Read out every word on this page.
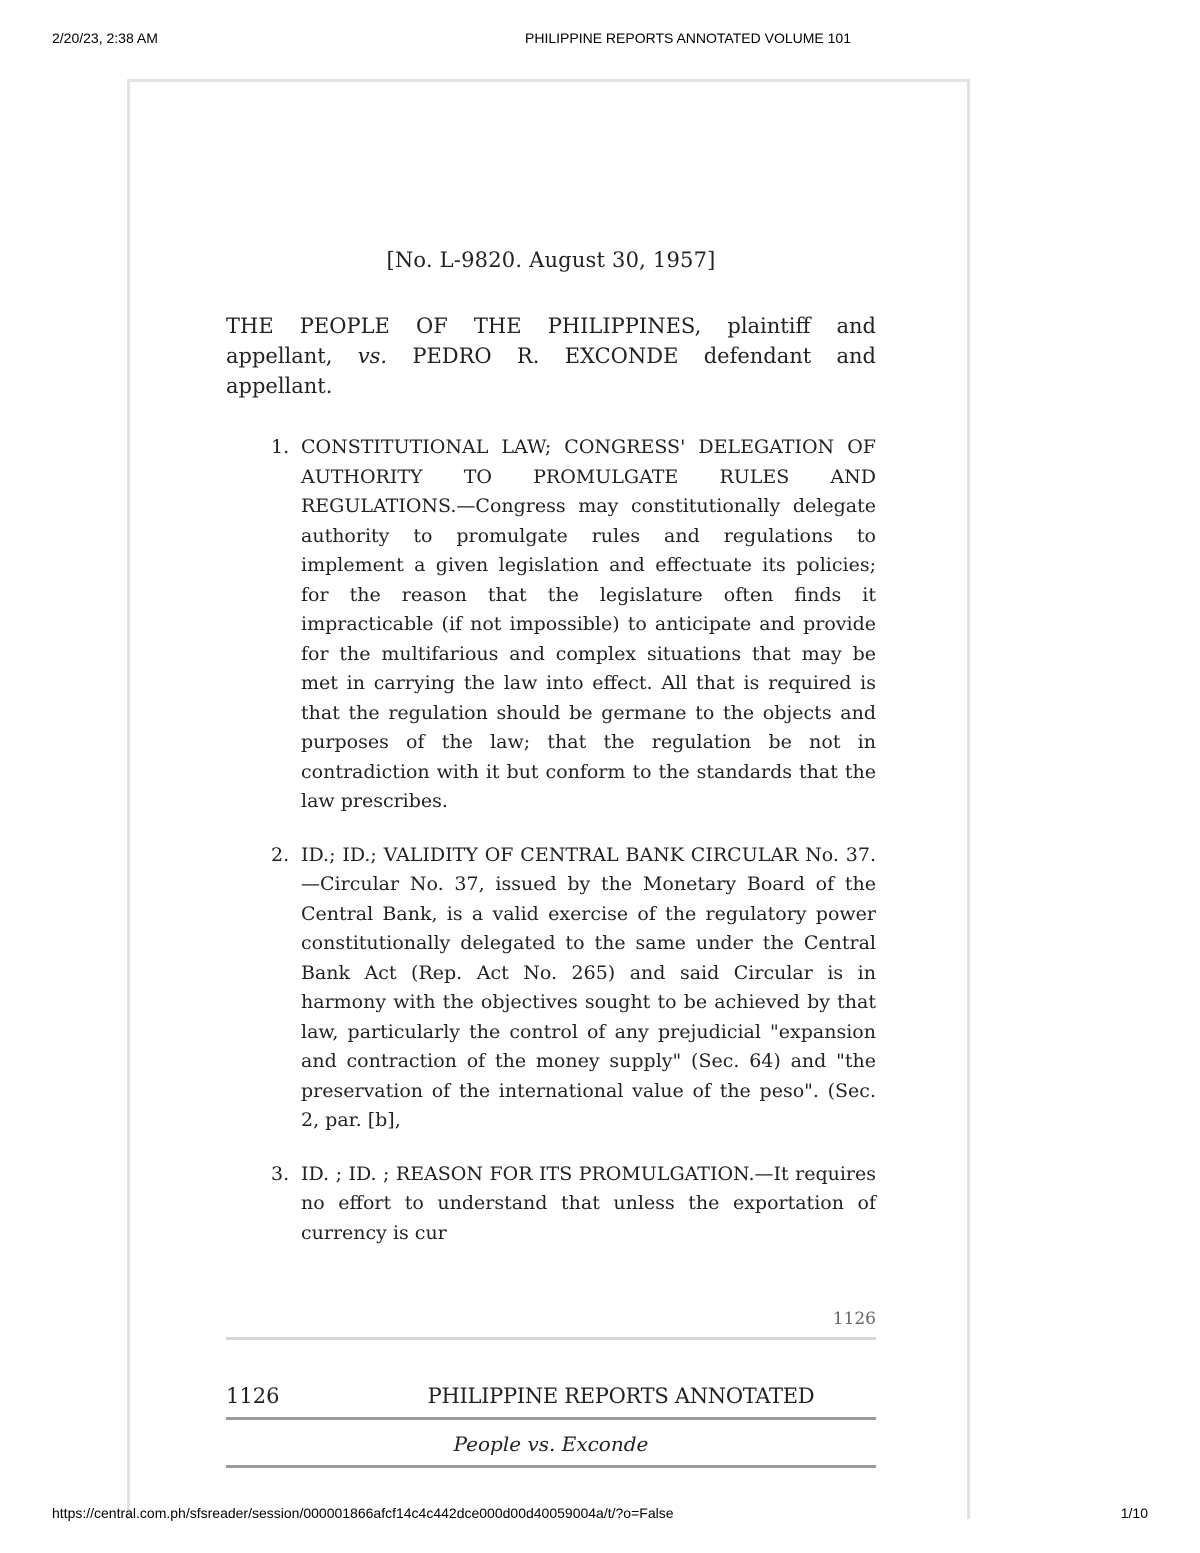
2/20/23, 2:38 AM	PHILIPPINE REPORTS ANNOTATED VOLUME 101
[No. L-9820. August 30, 1957]
THE PEOPLE OF THE PHILIPPINES, plaintiff and appellant, vs. PEDRO R. EXCONDE defendant and appellant.
1. CONSTITUTIONAL LAW; CONGRESS' DELEGATION OF AUTHORITY TO PROMULGATE RULES AND REGULATIONS.—Congress may constitutionally delegate authority to promulgate rules and regulations to implement a given legislation and effectuate its policies; for the reason that the legislature often finds it impracticable (if not impossible) to anticipate and provide for the multifarious and complex situations that may be met in carrying the law into effect. All that is required is that the regulation should be germane to the objects and purposes of the law; that the regulation be not in contradiction with it but conform to the standards that the law prescribes.
2. ID.; ID.; VALIDITY OF CENTRAL BANK CIRCULAR No. 37.—Circular No. 37, issued by the Monetary Board of the Central Bank, is a valid exercise of the regulatory power constitutionally delegated to the same under the Central Bank Act (Rep. Act No. 265) and said Circular is in harmony with the objectives sought to be achieved by that law, particularly the control of any prejudicial "expansion and contraction of the money supply" (Sec. 64) and "the preservation of the international value of the peso". (Sec. 2, par. [b],
3. ID. ; ID. ; REASON FOR ITS PROMULGATION.—It requires no effort to understand that unless the exportation of currency is cur
1126
1126	PHILIPPINE REPORTS ANNOTATED
People vs. Exconde
https://central.com.ph/sfsreader/session/000001866afcf14c4c442dce000d00d40059004a/t/?o=False	1/10
